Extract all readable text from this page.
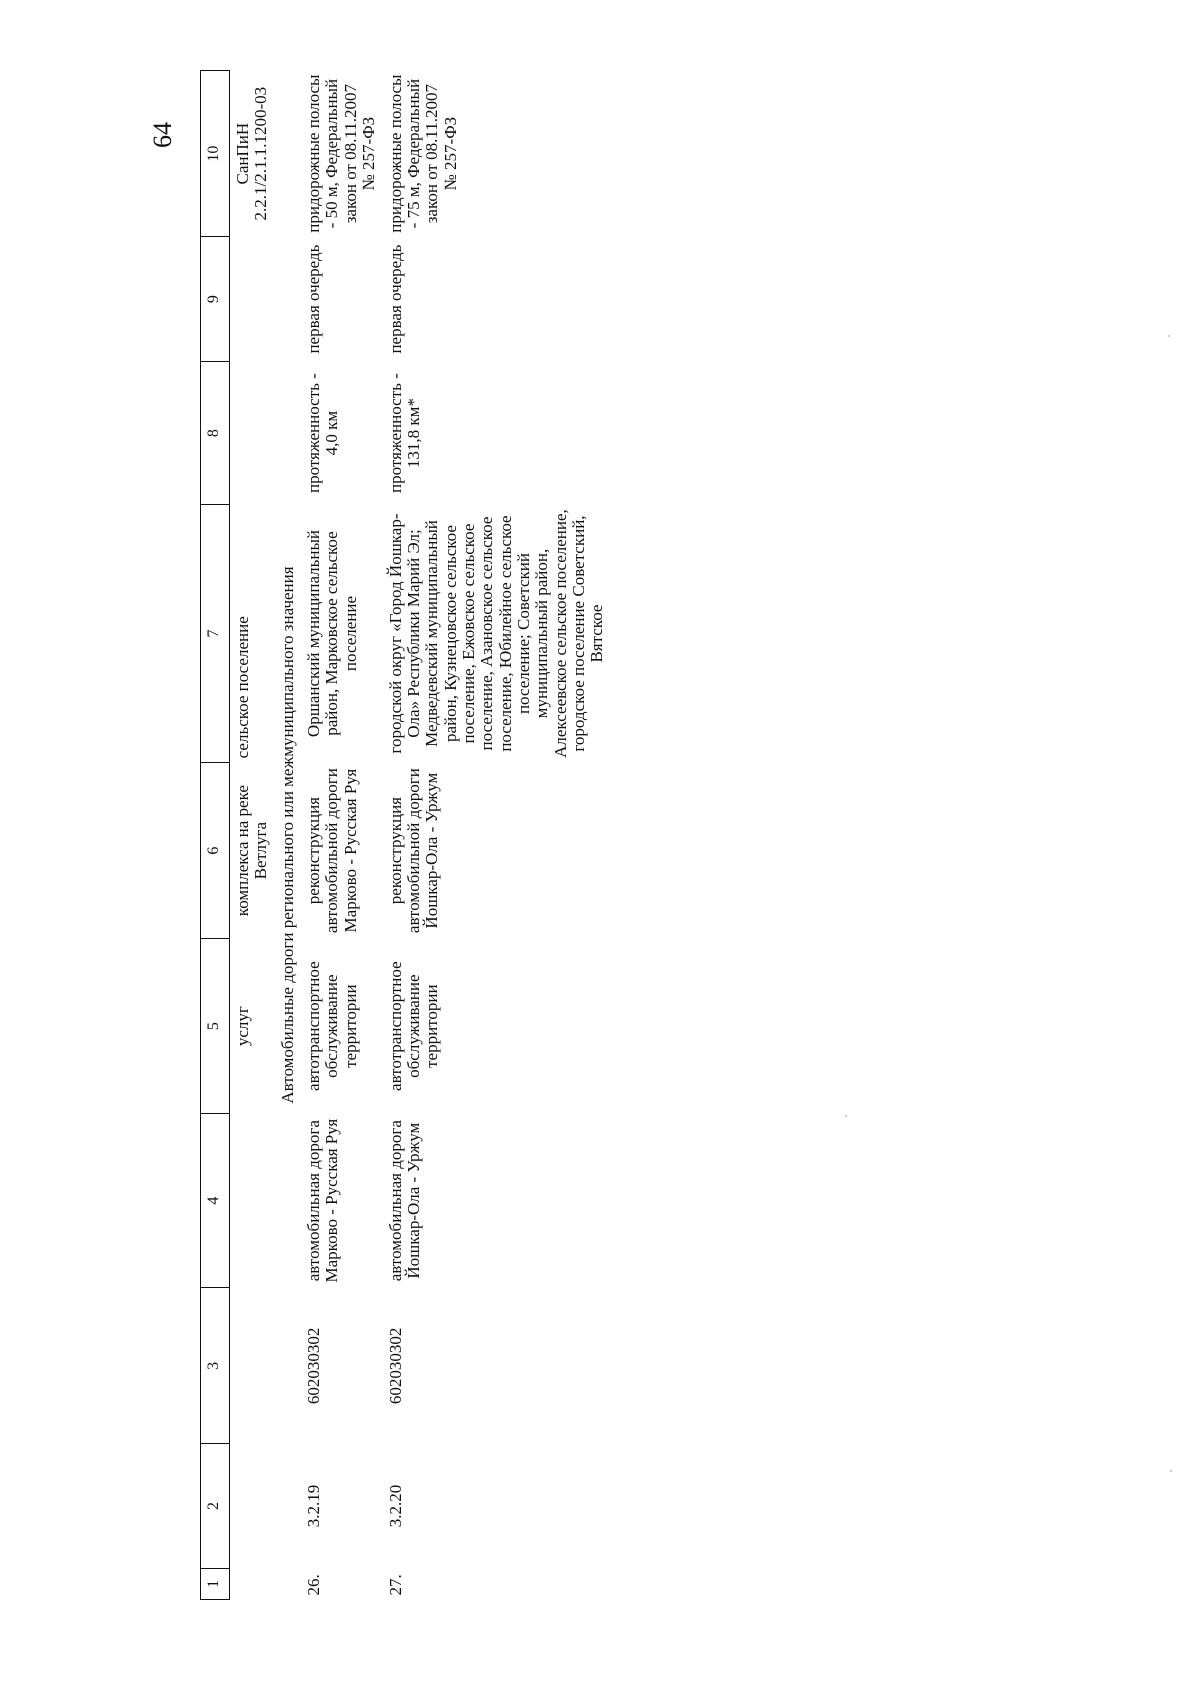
64
1	2	3	4	5	6	7	8	9	10
				услуг	комплекса на реке Ветлуга	сельское поселение			СанПиН 2.2.1/2.1.1.1200-03
Автомобильные дороги регионального или межмуниципального значения									
26.	3.2.19	602030302	автомобильная дорога Марково - Русская Руя	автотранспортное обслуживание территории	реконструкция автомобильной дороги Марково - Русская Руя	Оршанский муниципальный район, Марковское сельское поселение	протяженность - 4,0 км	первая очередь	придорожные полосы - 50 м, Федеральный закон от 08.11.2007 № 257-ФЗ
27.	3.2.20	602030302	автомобильная дорога Йошкар-Ола - Уржум	автотранспортное обслуживание территории	реконструкция автомобильной дороги Йошкар-Ола - Уржум	городской округ «Город Йошкар-Ола» Республики Марий Эл; Медведевский муниципальный район, Кузнецовское сельское поселение, Ежовское сельское поселение, Азановское сельское поселение, Юбилейное сельское поселение; Советский муниципальный район, Алексеевское сельское поселение, городское поселение Советский, Вятское	протяженность - 131,8 км*	первая очередь	придорожные полосы - 75 м, Федеральный закон от 08.11.2007 № 257-ФЗ
